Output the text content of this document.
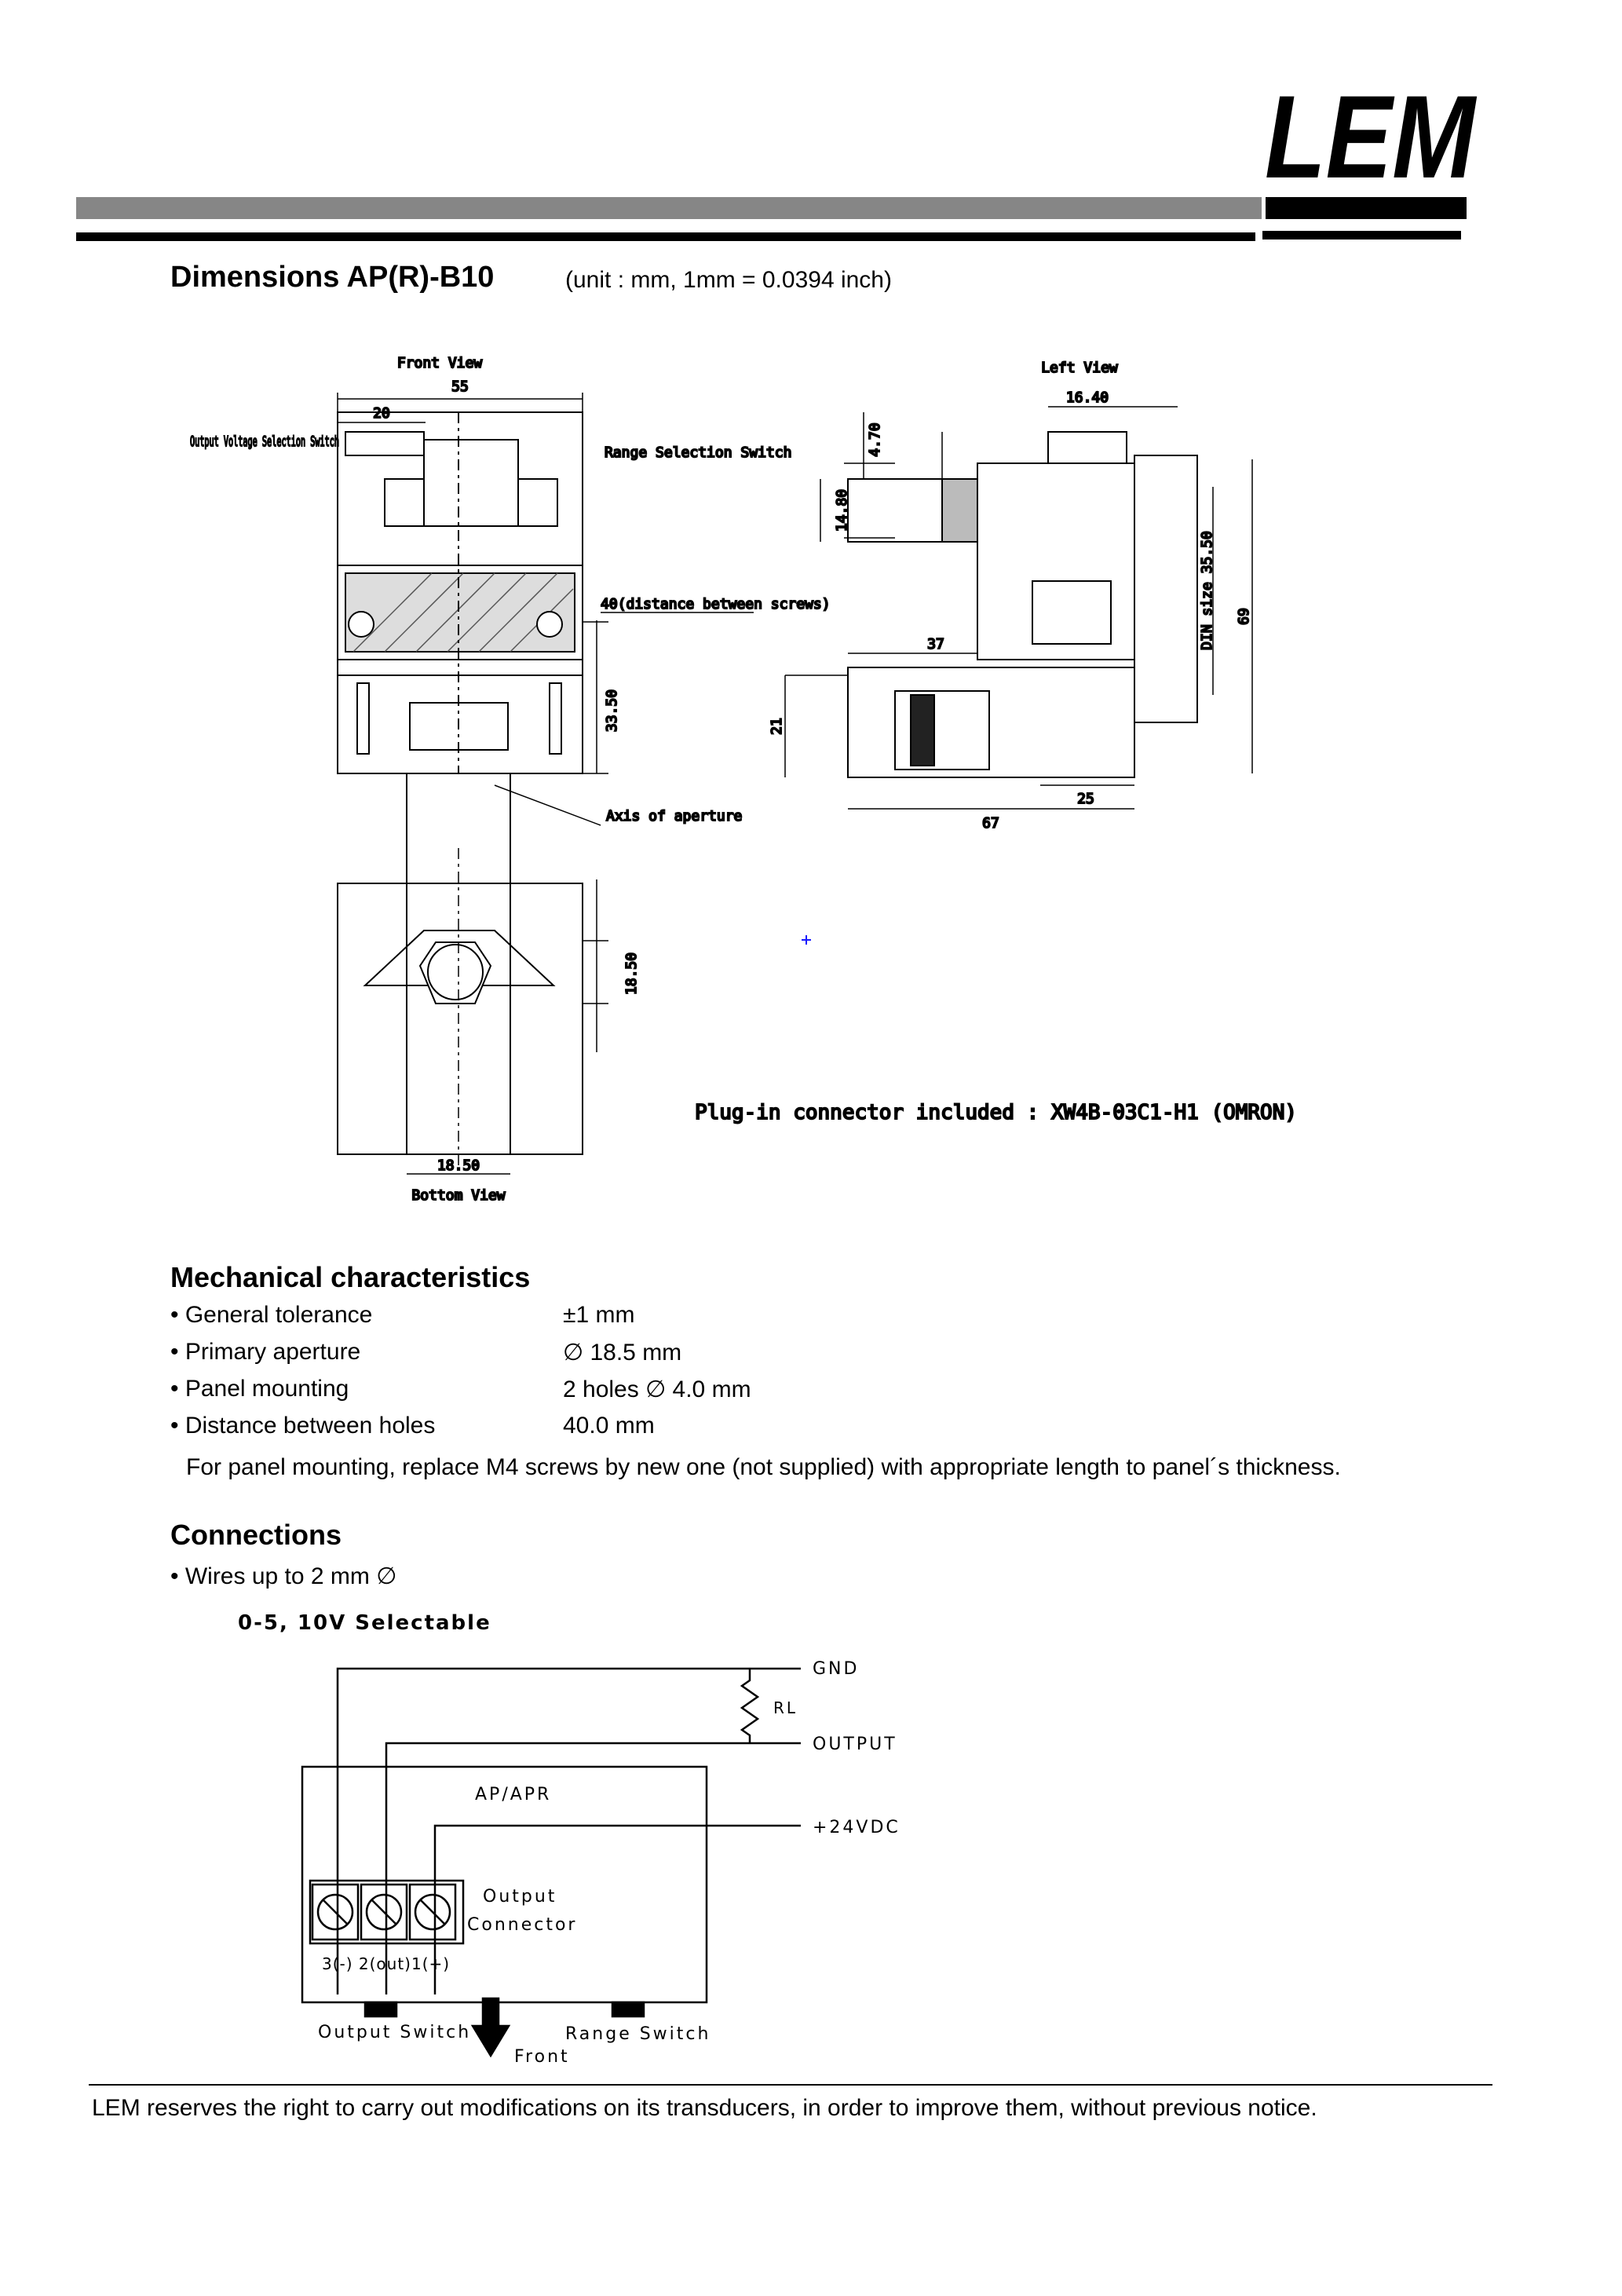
LEM
Dimensions AP(R)-B10	(unit : mm, 1mm = 0.0394 inch)
Front View
55
20
Output Voltage Selection Switch
Range Selection Switch
40(distance between screws)
33.50
Axis of aperture
18.50
18.50
Bottom View
Left View
16.40
4.70
14.80
37
21
25
67
69
DIN size 35.50
Plug-in connector included : XW4B-03C1-H1 (OMRON)
Mechanical characteristics
• General tolerance	±1 mm
• Primary aperture	∅ 18.5 mm
• Panel mounting	2 holes ∅ 4.0 mm
• Distance between holes	40.0 mm
For panel mounting, replace M4 screws by new one (not supplied) with appropriate length to panel´s thickness.
Connections
• Wires up to 2 mm ∅
0-5, 10V Selectable
GND
RL
OUTPUT
+24VDC
AP/APR
Output
Connector
3(-) 2(out)1(+)
Output Switch	Range Switch
Front
LEM reserves the right to carry out modifications on its transducers, in order to improve them, without previous notice.
